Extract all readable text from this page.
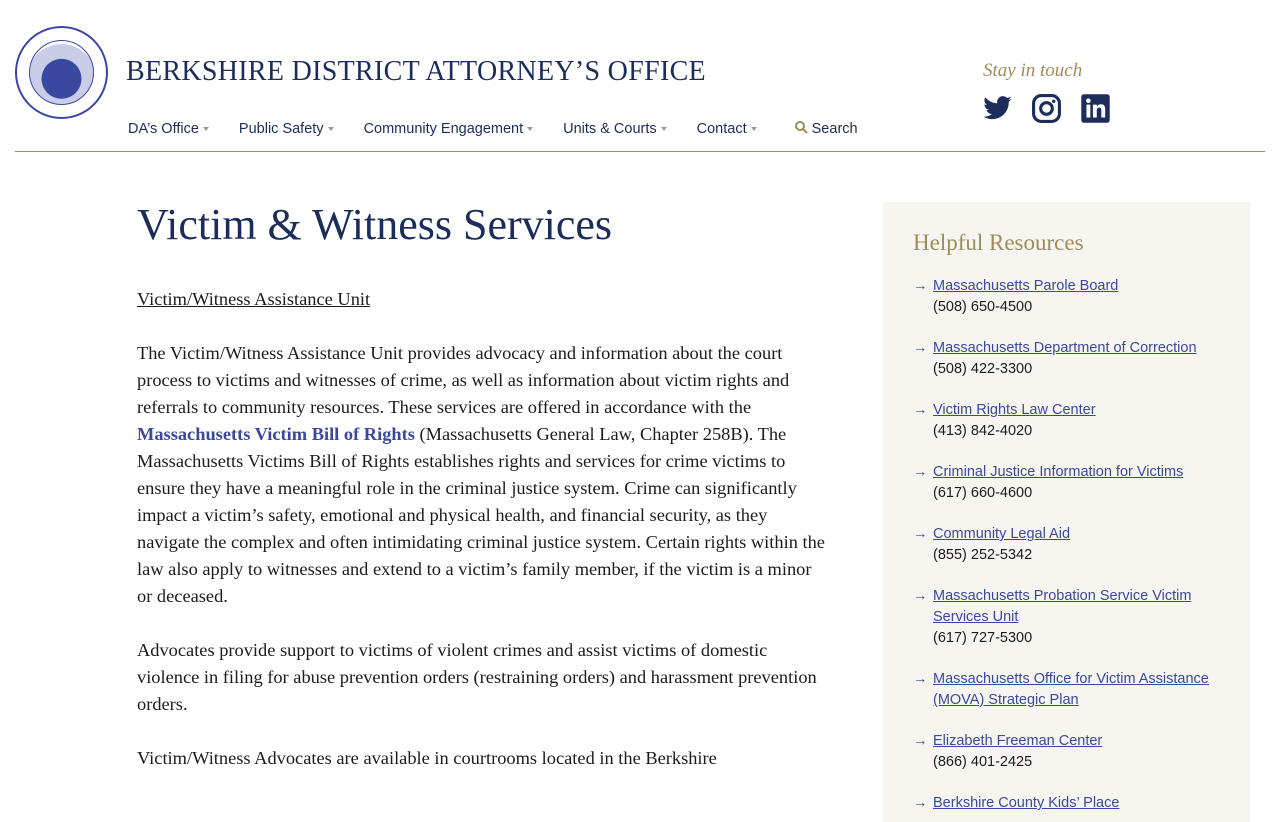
BERKSHIRE DISTRICT ATTORNEY’S OFFICE
DA’s Office	Public Safety	Community Engagement	Units & Courts	Contact	Search
Stay in touch
Victim & Witness Services
Victim/Witness Assistance Unit

The Victim/Witness Assistance Unit provides advocacy and information about the court process to victims and witnesses of crime, as well as information about victim rights and referrals to community resources. These services are offered in accordance with the Massachusetts Victim Bill of Rights (Massachusetts General Law, Chapter 258B). The Massachusetts Victims Bill of Rights establishes rights and services for crime victims to ensure they have a meaningful role in the criminal justice system. Crime can significantly impact a victim’s safety, emotional and physical health, and financial security, as they navigate the complex and often intimidating criminal justice system. Certain rights within the law also apply to witnesses and extend to a victim’s family member, if the victim is a minor or deceased.

Advocates provide support to victims of violent crimes and assist victims of domestic violence in filing for abuse prevention orders (restraining orders) and harassment prevention orders.

Victim/Witness Advocates are available in courtrooms located in the Berkshire

Helpful Resources
→ Massachusetts Parole Board
(508) 650-4500
→ Massachusetts Department of Correction
(508) 422-3300
→ Victim Rights Law Center
(413) 842-4020
→ Criminal Justice Information for Victims
(617) 660-4600
→ Community Legal Aid
(855) 252-5342
→ Massachusetts Probation Service Victim Services Unit
(617) 727-5300
→ Massachusetts Office for Victim Assistance (MOVA) Strategic Plan
→ Elizabeth Freeman Center
(866) 401-2425
→ Berkshire County Kids’ Place
